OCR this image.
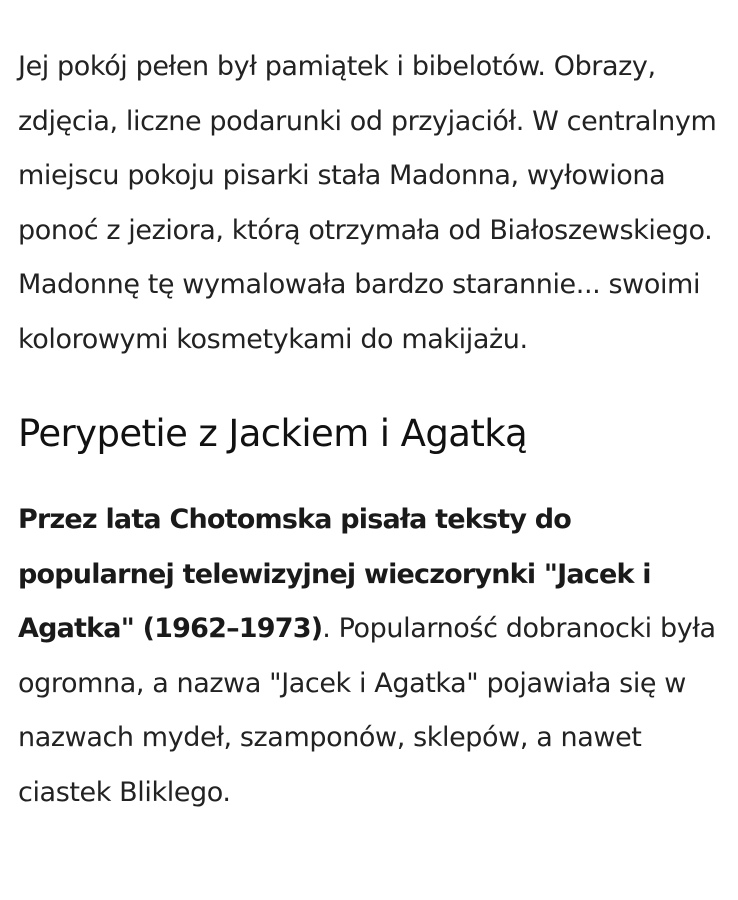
Jej pokój pełen był pamiątek i bibelotów. Obrazy, zdjęcia, liczne podarunki od przyjaciół. W centralnym miejscu pokoju pisarki stała Madonna, wyłowiona ponoć z jeziora, którą otrzymała od Białoszewskiego. Madonnę tę wymalowała bardzo starannie... swoimi kolorowymi kosmetykami do makijażu.

Perypetie z Jackiem i Agatką

Przez lata Chotomska pisała teksty do popularnej telewizyjnej wieczorynki "Jacek i Agatka" (1962–1973). Popularność dobranocki była ogromna, a nazwa "Jacek i Agatka" pojawiała się w nazwach mydeł, szamponów, sklepów, a nawet ciastek Bliklego.
